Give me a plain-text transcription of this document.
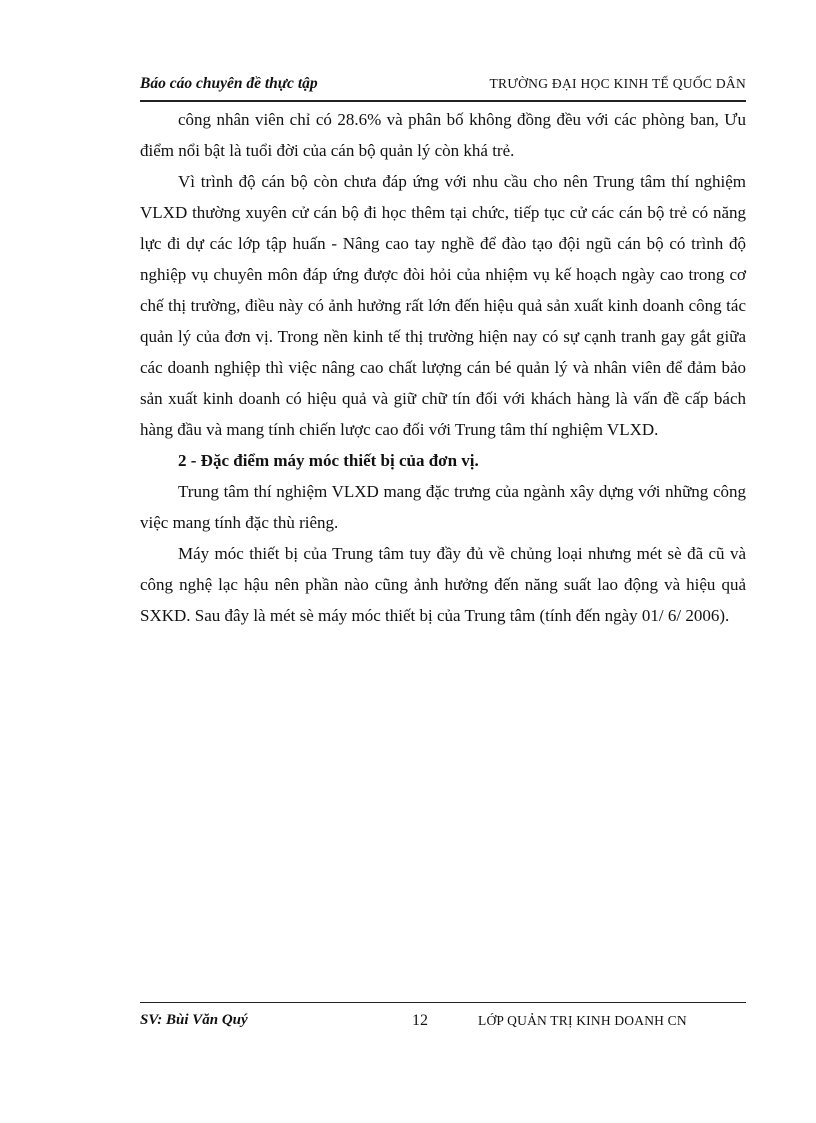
Báo cáo chuyên đề thực tập	TRƯỜNG ĐẠI HỌC KINH TẾ QUỐC DÂN

công nhân viên chỉ có 28.6% và phân bố không đồng đều với các phòng ban, Ưu điểm nổi bật là tuổi đời của cán bộ quản lý còn khá trẻ.

Vì trình độ cán bộ còn chưa đáp ứng với nhu cầu cho nên Trung tâm thí nghiệm VLXD thường xuyên cử cán bộ đi học thêm tại chức, tiếp tục cử các cán bộ trẻ có năng lực đi dự các lớp tập huấn - Nâng cao tay nghề để đào tạo đội ngũ cán bộ có trình độ nghiệp vụ chuyên môn đáp ứng được đòi hỏi của nhiệm vụ kế hoạch ngày cao trong cơ chế thị trường, điều này có ảnh hưởng rất lớn đến hiệu quả sản xuất kinh doanh công tác quản lý của đơn vị. Trong nền kinh tế thị trường hiện nay có sự cạnh tranh gay gắt giữa các doanh nghiệp thì việc nâng cao chất lượng cán bé quản lý và nhân viên để đảm bảo sản xuất kinh doanh có hiệu quả và giữ chữ tín đối với khách hàng là vấn đề cấp bách hàng đầu và mang tính chiến lược cao đối với Trung tâm thí nghiệm VLXD.

2 - Đặc điểm máy móc thiết bị của đơn vị.

Trung tâm thí nghiệm VLXD mang đặc trưng của ngành xây dựng với những công việc mang tính đặc thù riêng.

Máy móc thiết bị của Trung tâm tuy đầy đủ về chủng loại nhưng mét sè đã cũ và công nghệ lạc hậu nên phần nào cũng ảnh hưởng đến năng suất lao động và hiệu quả SXKD. Sau đây là mét sè máy móc thiết bị của Trung tâm (tính đến ngày 01/ 6/ 2006).

SV: Bùi Văn Quý	12	LỚP QUẢN TRỊ KINH DOANH CN
